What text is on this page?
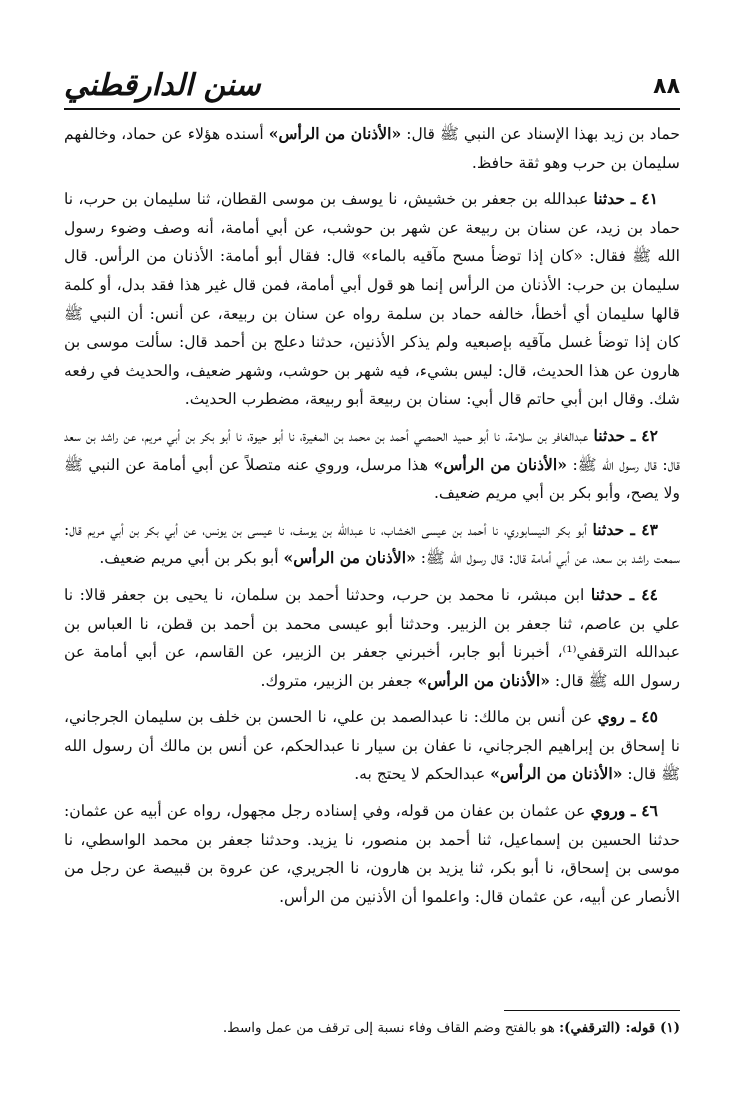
٨٨
سنن الدارقطني

حماد بن زيد بهذا الإسناد عن النبي ﷺ قال: «الأذنان من الرأس» أسنده هؤلاء عن حماد، وخالفهم سليمان بن حرب وهو ثقة حافظ.

٤١ ـ حدثنا عبدالله بن جعفر بن خشيش، نا يوسف بن موسى القطان، ثنا سليمان بن حرب، نا حماد بن زيد، عن سنان بن ربيعة عن شهر بن حوشب، عن أبي أمامة، أنه وصف وضوء رسول الله ﷺ فقال: «كان إذا توضأ مسح مآقيه بالماء» قال: فقال أبو أمامة: الأذنان من الرأس. قال سليمان بن حرب: الأذنان من الرأس إنما هو قول أبي أمامة، فمن قال غير هذا فقد بدل، أو كلمة قالها سليمان أي أخطأ، خالفه حماد بن سلمة رواه عن سنان بن ربيعة، عن أنس: أن النبي ﷺ كان إذا توضأ غسل مآقيه بإصبعيه ولم يذكر الأذنين، حدثنا دعلج بن أحمد قال: سألت موسى بن هارون عن هذا الحديث، قال: ليس بشيء، فيه شهر بن حوشب، وشهر ضعيف، والحديث في رفعه شك. وقال ابن أبي حاتم قال أبي: سنان بن ربيعة أبو ربيعة، مضطرب الحديث.

٤٢ ـ حدثنا عبدالغافر بن سلامة، نا أبو حميد الحمصي أحمد بن محمد بن المغيرة، نا أبو حيوة، نا أبو بكر بن أبي مريم، عن راشد بن سعد قال: قال رسول الله ﷺ: «الأذنان من الرأس» هذا مرسل، وروي عنه متصلاً عن أبي أمامة عن النبي ﷺ ولا يصح، وأبو بكر بن أبي مريم ضعيف.

٤٣ ـ حدثنا أبو بكر النيسابوري، نا أحمد بن عيسى الخشاب، نا عبدالله بن يوسف، نا عيسى بن يونس، عن أبي بكر بن أبي مريم قال: سمعت راشد بن سعد، عن أبي أمامة قال: قال رسول الله ﷺ: «الأذنان من الرأس» أبو بكر بن أبي مريم ضعيف.

٤٤ ـ حدثنا ابن مبشر، نا محمد بن حرب، وحدثنا أحمد بن سلمان، نا يحيى بن جعفر قالا: نا علي بن عاصم، ثنا جعفر بن الزبير. وحدثنا أبو عيسى محمد بن أحمد بن قطن، نا العباس بن عبدالله الترقفي⁽¹⁾، أخبرنا أبو جابر، أخبرني جعفر بن الزبير، عن القاسم، عن أبي أمامة عن رسول الله ﷺ قال: «الأذنان من الرأس» جعفر بن الزبير، متروك.

٤٥ ـ روي عن أنس بن مالك: نا عبدالصمد بن علي، نا الحسن بن خلف بن سليمان الجرجاني، نا إسحاق بن إبراهيم الجرجاني، نا عفان بن سيار نا عبدالحكم، عن أنس بن مالك أن رسول الله ﷺ قال: «الأذنان من الرأس» عبدالحكم لا يحتج به.

٤٦ ـ وروي عن عثمان بن عفان من قوله، وفي إسناده رجل مجهول، رواه عن أبيه عن عثمان: حدثنا الحسين بن إسماعيل، ثنا أحمد بن منصور، نا يزيد. وحدثنا جعفر بن محمد الواسطي، نا موسى بن إسحاق، نا أبو بكر، ثنا يزيد بن هارون، نا الجريري، عن عروة بن قبيصة عن رجل من الأنصار عن أبيه، عن عثمان قال: واعلموا أن الأذنين من الرأس.

(١) قوله: (الترقفي): هو بالفتح وضم القاف وفاء نسبة إلى ترقف من عمل واسط.
